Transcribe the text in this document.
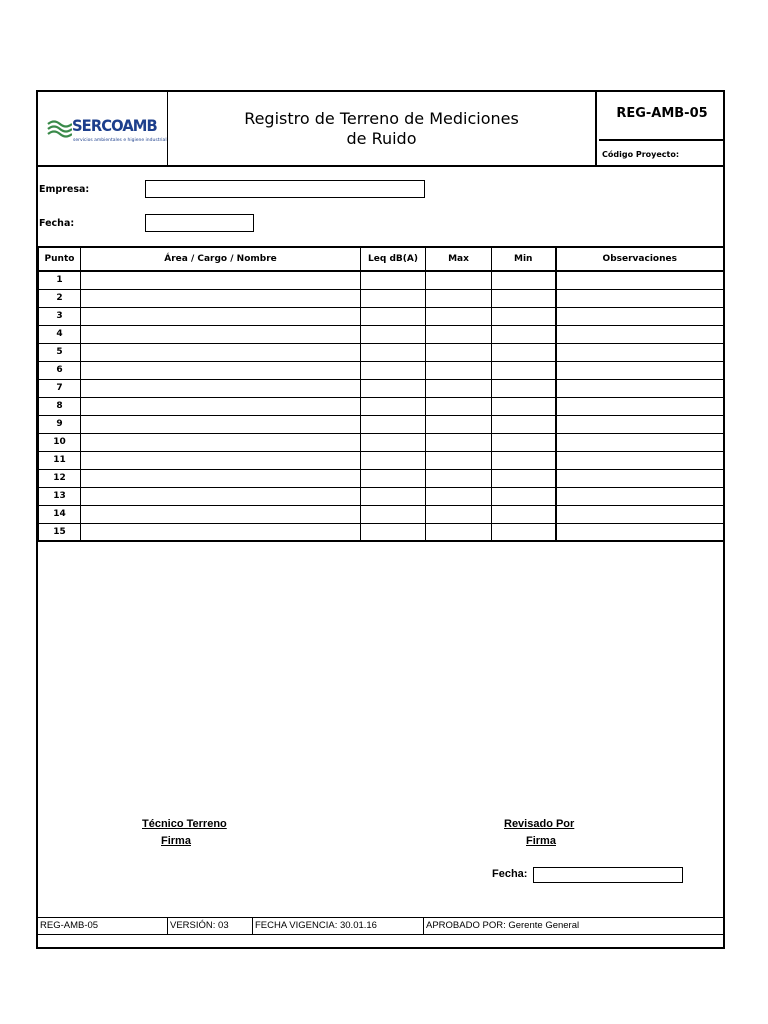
SERCOAMB
servicios ambientales e higiene industrial
Registro de Terreno de Mediciones
de Ruido
REG-AMB-05
Código Proyecto:
Empresa:
Fecha:
Punto	Área / Cargo / Nombre	Leq dB(A)	Max	Min	Observaciones
1					
2					
3					
4					
5					
6					
7					
8					
9					
10					
11					
12					
13					
14					
15					
Técnico Terreno
Firma
Revisado Por
Firma
Fecha:
REG-AMB-05	VERSIÓN: 03	FECHA VIGENCIA: 30.01.16	APROBADO POR: Gerente General
